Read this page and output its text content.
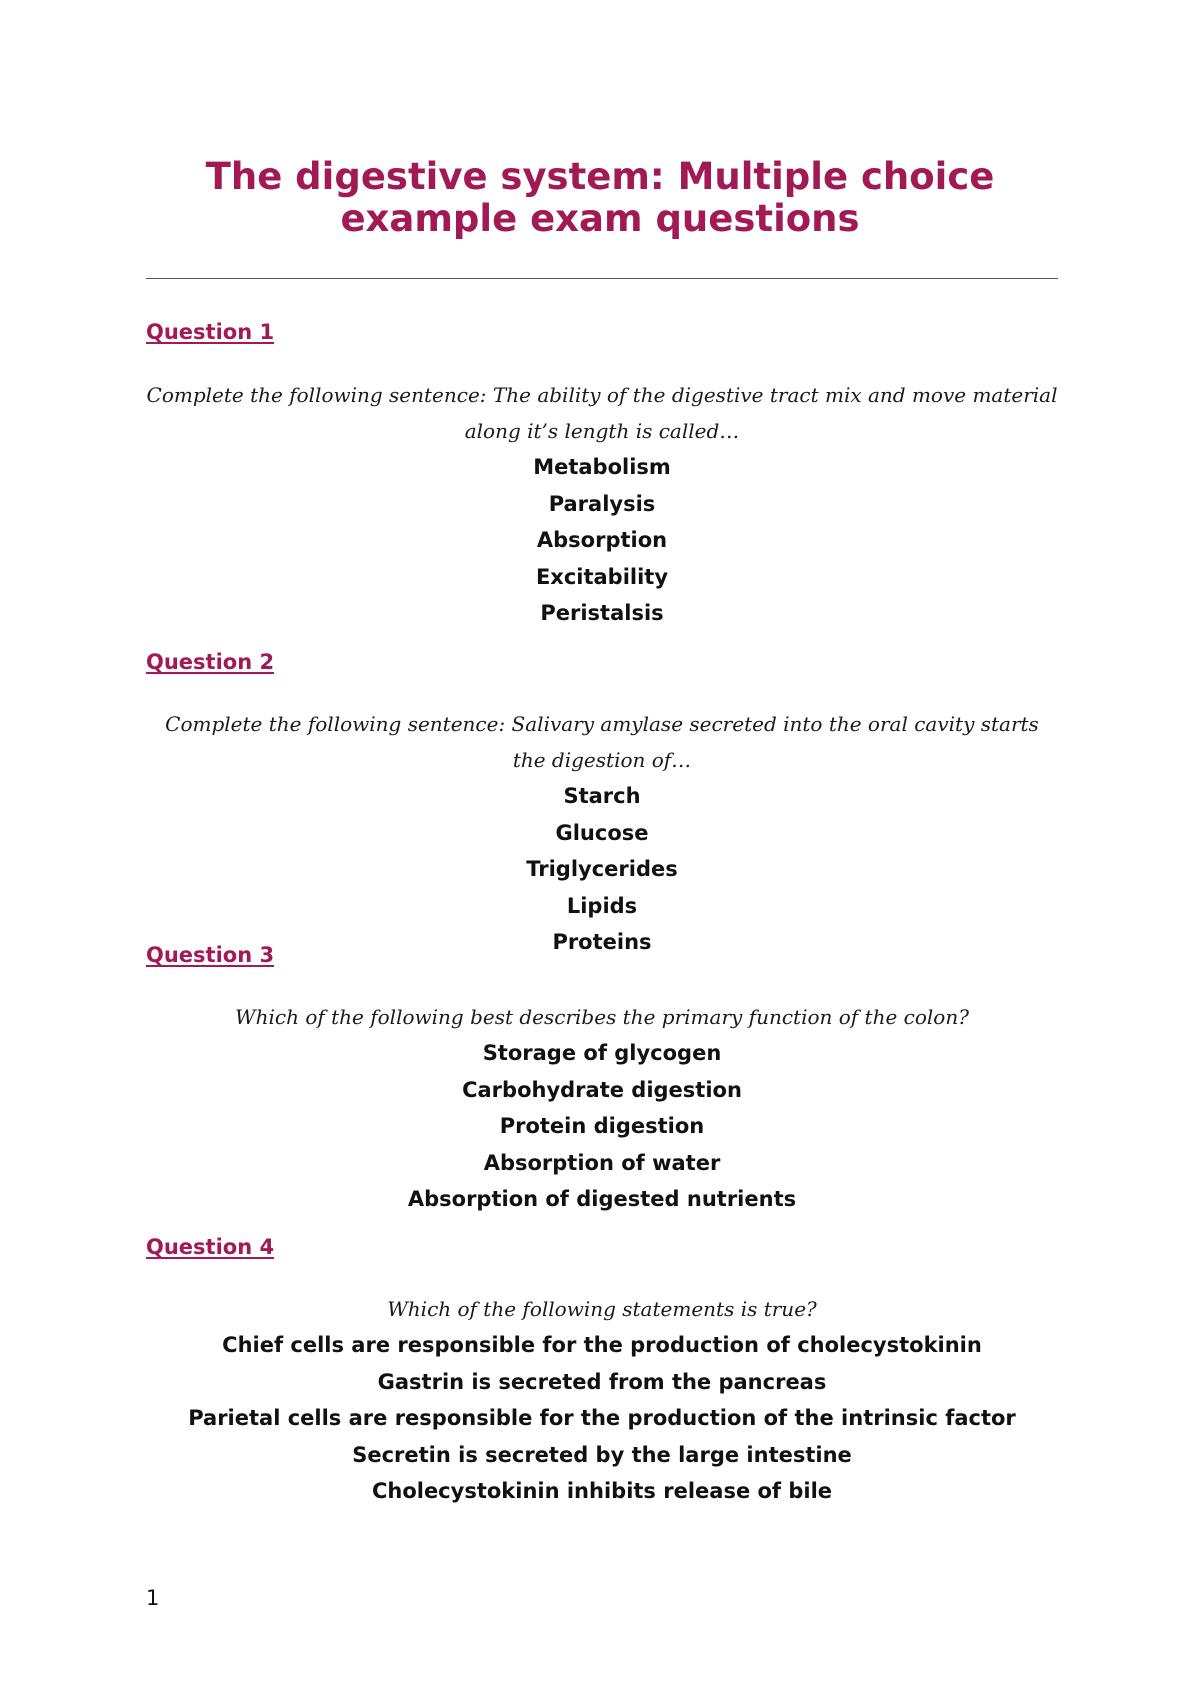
The digestive system: Multiple choice example exam questions
Question 1

Complete the following sentence: The ability of the digestive tract mix and move material along it’s length is called…

Metabolism
Paralysis
Absorption
Excitability
Peristalsis
Question 2

Complete the following sentence: Salivary amylase secreted into the oral cavity starts the digestion of…

Starch
Glucose
Triglycerides
Lipids
Proteins
Question 3

Which of the following best describes the primary function of the colon?

Storage of glycogen
Carbohydrate digestion
Protein digestion
Absorption of water
Absorption of digested nutrients
Question 4

Which of the following statements is true?

Chief cells are responsible for the production of cholecystokinin
Gastrin is secreted from the pancreas
Parietal cells are responsible for the production of the intrinsic factor
Secretin is secreted by the large intestine
Cholecystokinin inhibits release of bile
1
